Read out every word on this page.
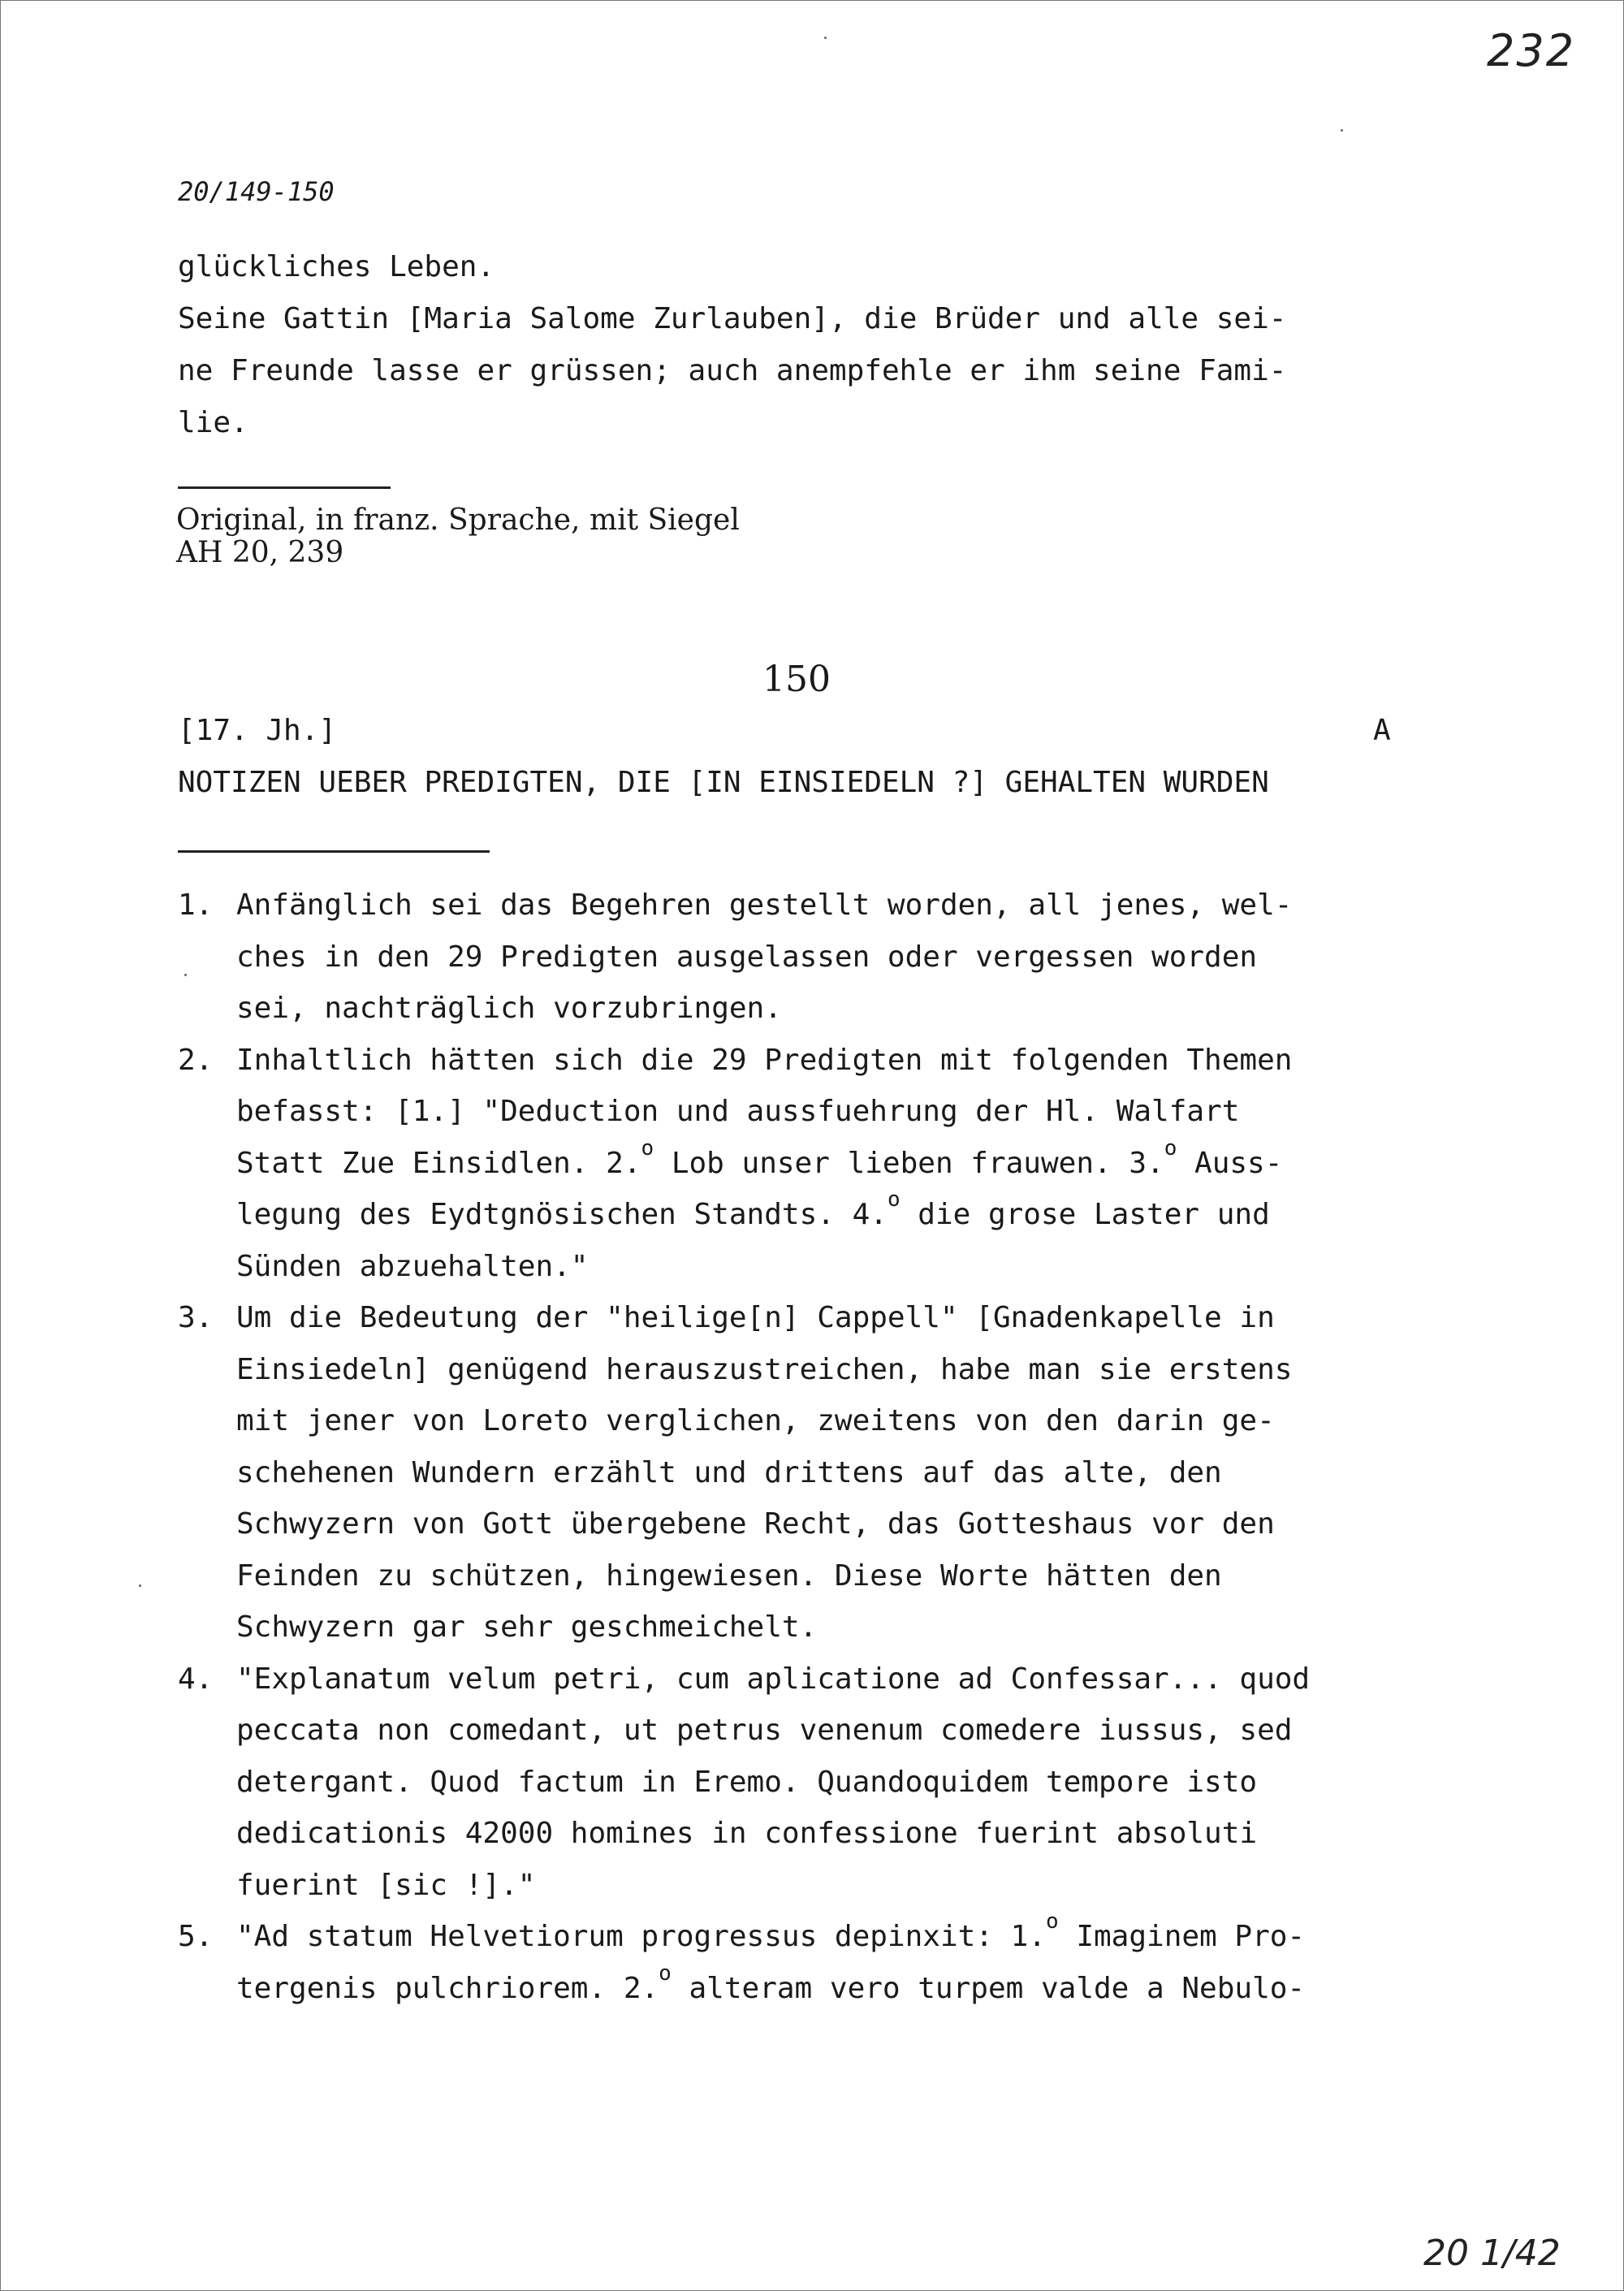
232
20/149-150
glückliches Leben.
Seine Gattin [Maria Salome Zurlauben], die Brüder und alle sei-
ne Freunde lasse er grüssen; auch anempfehle er ihm seine Fami-
lie.
Original, in franz. Sprache, mit Siegel
AH 20, 239
150
[17. Jh.]	A
NOTIZEN UEBER PREDIGTEN, DIE [IN EINSIEDELN ?] GEHALTEN WURDEN
1. Anfänglich sei das Begehren gestellt worden, all jenes, wel-
ches in den 29 Predigten ausgelassen oder vergessen worden
sei, nachträglich vorzubringen.
2. Inhaltlich hätten sich die 29 Predigten mit folgenden Themen
befasst: [1.] "Deduction und aussfuehrung der Hl. Walfart
Statt Zue Einsidlen. 2.$^o$ Lob unser lieben frauwen. 3.$^o$ Auss-
legung des Eydtgnösischen Standts. 4.$^o$ die grose Laster und
Sünden abzuehalten."
3. Um die Bedeutung der "heilige[n] Cappell" [Gnadenkapelle in
Einsiedeln] genügend herauszustreichen, habe man sie erstens
mit jener von Loreto verglichen, zweitens von den darin ge-
schehenen Wundern erzählt und drittens auf das alte, den
Schwyzern von Gott übergebene Recht, das Gotteshaus vor den
Feinden zu schützen, hingewiesen. Diese Worte hätten den
Schwyzern gar sehr geschmeichelt.
4. "Explanatum velum petri, cum aplicatione ad Confessar... quod
peccata non comedant, ut petrus venenum comedere iussus, sed
detergant. Quod factum in Eremo. Quandoquidem tempore isto
dedicationis 42000 homines in confessione fuerint absoluti
fuerint [sic !]."
5. "Ad statum Helvetiorum progressus depinxit: 1.$^o$ Imaginem Pro-
tergenis pulchriorem. 2.$^o$ alteram vero turpem valde a Nebulo-
20 1/42
